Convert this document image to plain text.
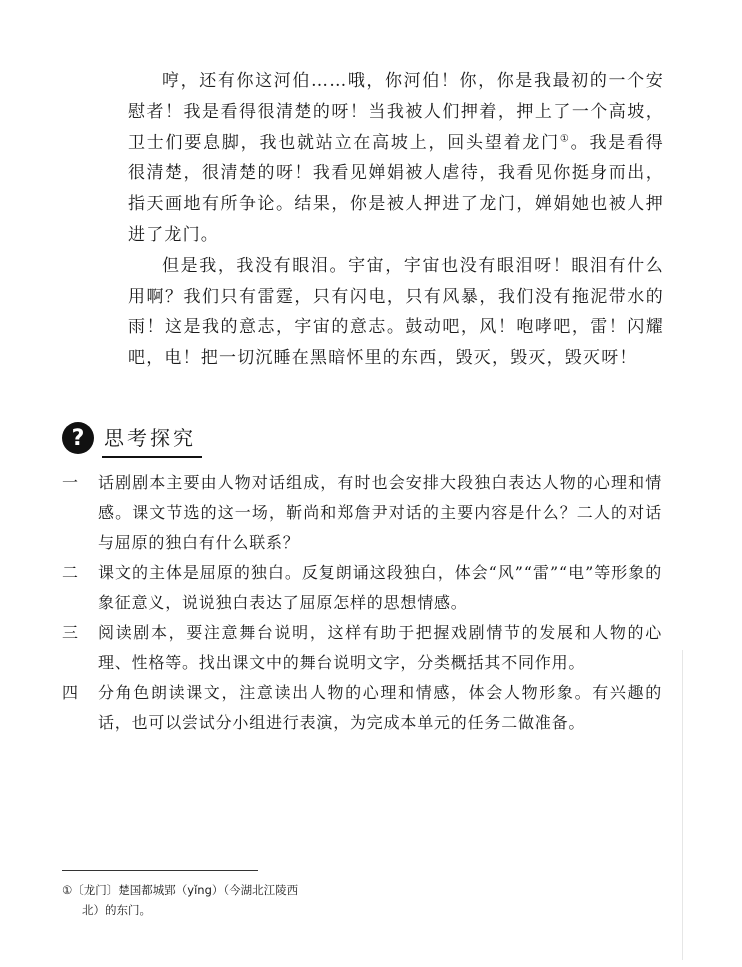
哼，还有你这河伯……哦，你河伯！你，你是我最初的一个安慰者！我是看得很清楚的呀！当我被人们押着，押上了一个高坡，卫士们要息脚，我也就站立在高坡上，回头望着龙门①。我是看得很清楚，很清楚的呀！我看见婵娟被人虐待，我看见你挺身而出，指天画地有所争论。结果，你是被人押进了龙门，婵娟她也被人押进了龙门。

但是我，我没有眼泪。宇宙，宇宙也没有眼泪呀！眼泪有什么用啊？我们只有雷霆，只有闪电，只有风暴，我们没有拖泥带水的雨！这是我的意志，宇宙的意志。鼓动吧，风！咆哮吧，雷！闪耀吧，电！把一切沉睡在黑暗怀里的东西，毁灭，毁灭，毁灭呀！

? 思考探究
一	话剧剧本主要由人物对话组成，有时也会安排大段独白表达人物的心理和情感。课文节选的这一场，靳尚和郑詹尹对话的主要内容是什么？二人的对话与屈原的独白有什么联系？
二	课文的主体是屈原的独白。反复朗诵这段独白，体会“风”“雷”“电”等形象的象征意义，说说独白表达了屈原怎样的思想情感。
三	阅读剧本，要注意舞台说明，这样有助于把握戏剧情节的发展和人物的心理、性格等。找出课文中的舞台说明文字，分类概括其不同作用。
四	分角色朗读课文，注意读出人物的心理和情感，体会人物形象。有兴趣的话，也可以尝试分小组进行表演，为完成本单元的任务二做准备。
①〔龙门〕楚国都城郢（yǐng）（今湖北江陵西
北）的东门。
